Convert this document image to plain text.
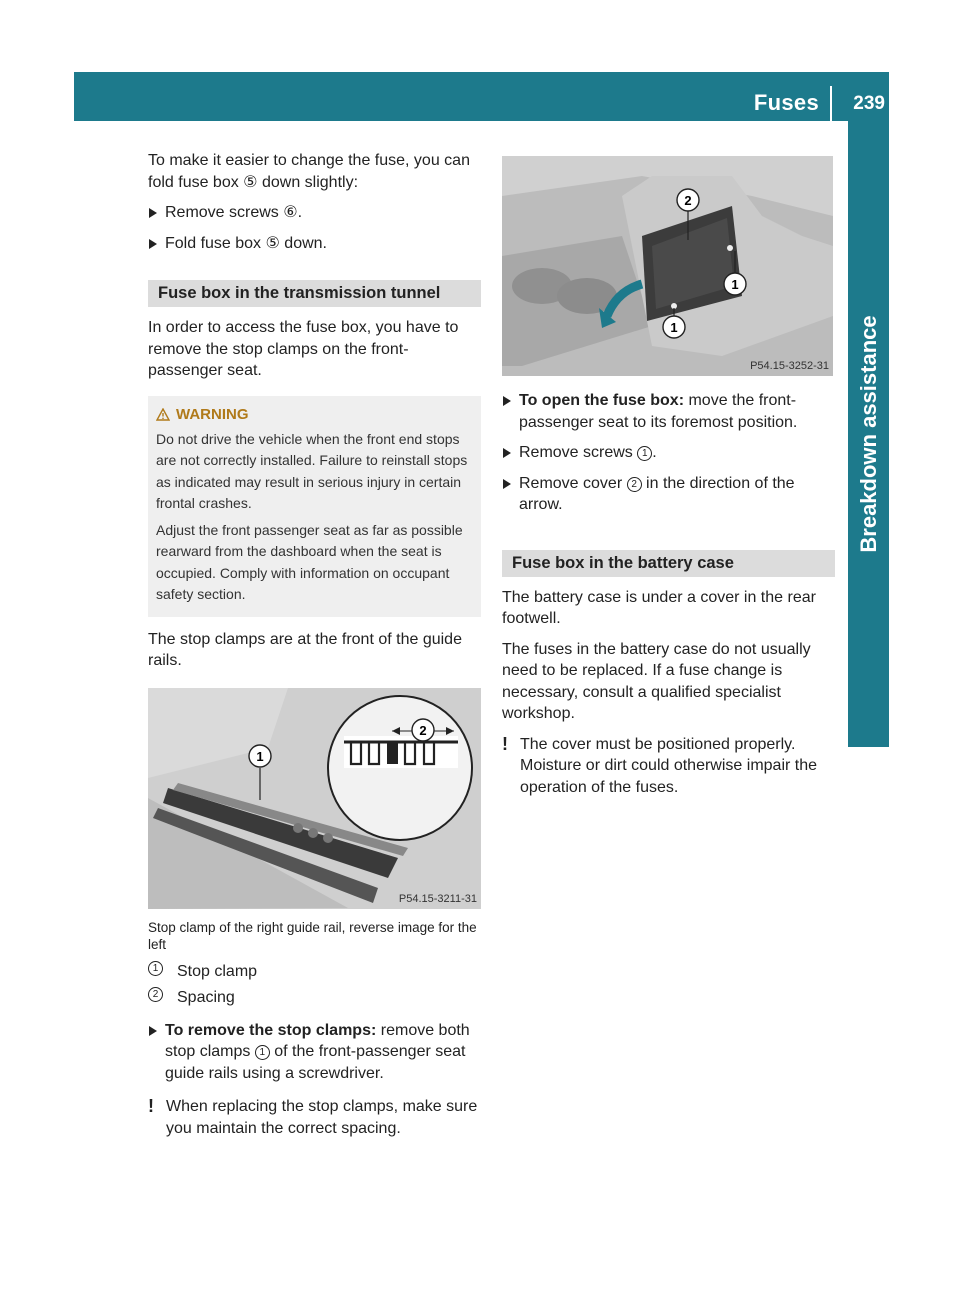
Fuses 239
Breakdown assistance

To make it easier to change the fuse, you can fold fuse box ⑤ down slightly:

Remove screws ⑥.

Fold fuse box ⑤ down.

Fuse box in the transmission tunnel

In order to access the fuse box, you have to remove the stop clamps on the front-passenger seat.

WARNING

Do not drive the vehicle when the front end stops are not correctly installed. Failure to reinstall stops as indicated may result in serious injury in certain frontal crashes.

Adjust the front passenger seat as far as possible rearward from the dashboard when the seat is occupied. Comply with information on occupant safety section.

The stop clamps are at the front of the guide rails.

1
2
P54.15-3211-31

Stop clamp of the right guide rail, reverse image for the left

1 Stop clamp
2 Spacing

To remove the stop clamps: remove both stop clamps 1 of the front-passenger seat guide rails using a screwdriver.

! When replacing the stop clamps, make sure you maintain the correct spacing.

2
1
1
P54.15-3252-31

To open the fuse box: move the front-passenger seat to its foremost position.

Remove screws 1 .

Remove cover 2 in the direction of the arrow.

Fuse box in the battery case

The battery case is under a cover in the rear footwell.

The fuses in the battery case do not usually need to be replaced. If a fuse change is necessary, consult a qualified specialist workshop.

! The cover must be positioned properly. Moisture or dirt could otherwise impair the operation of the fuses.
